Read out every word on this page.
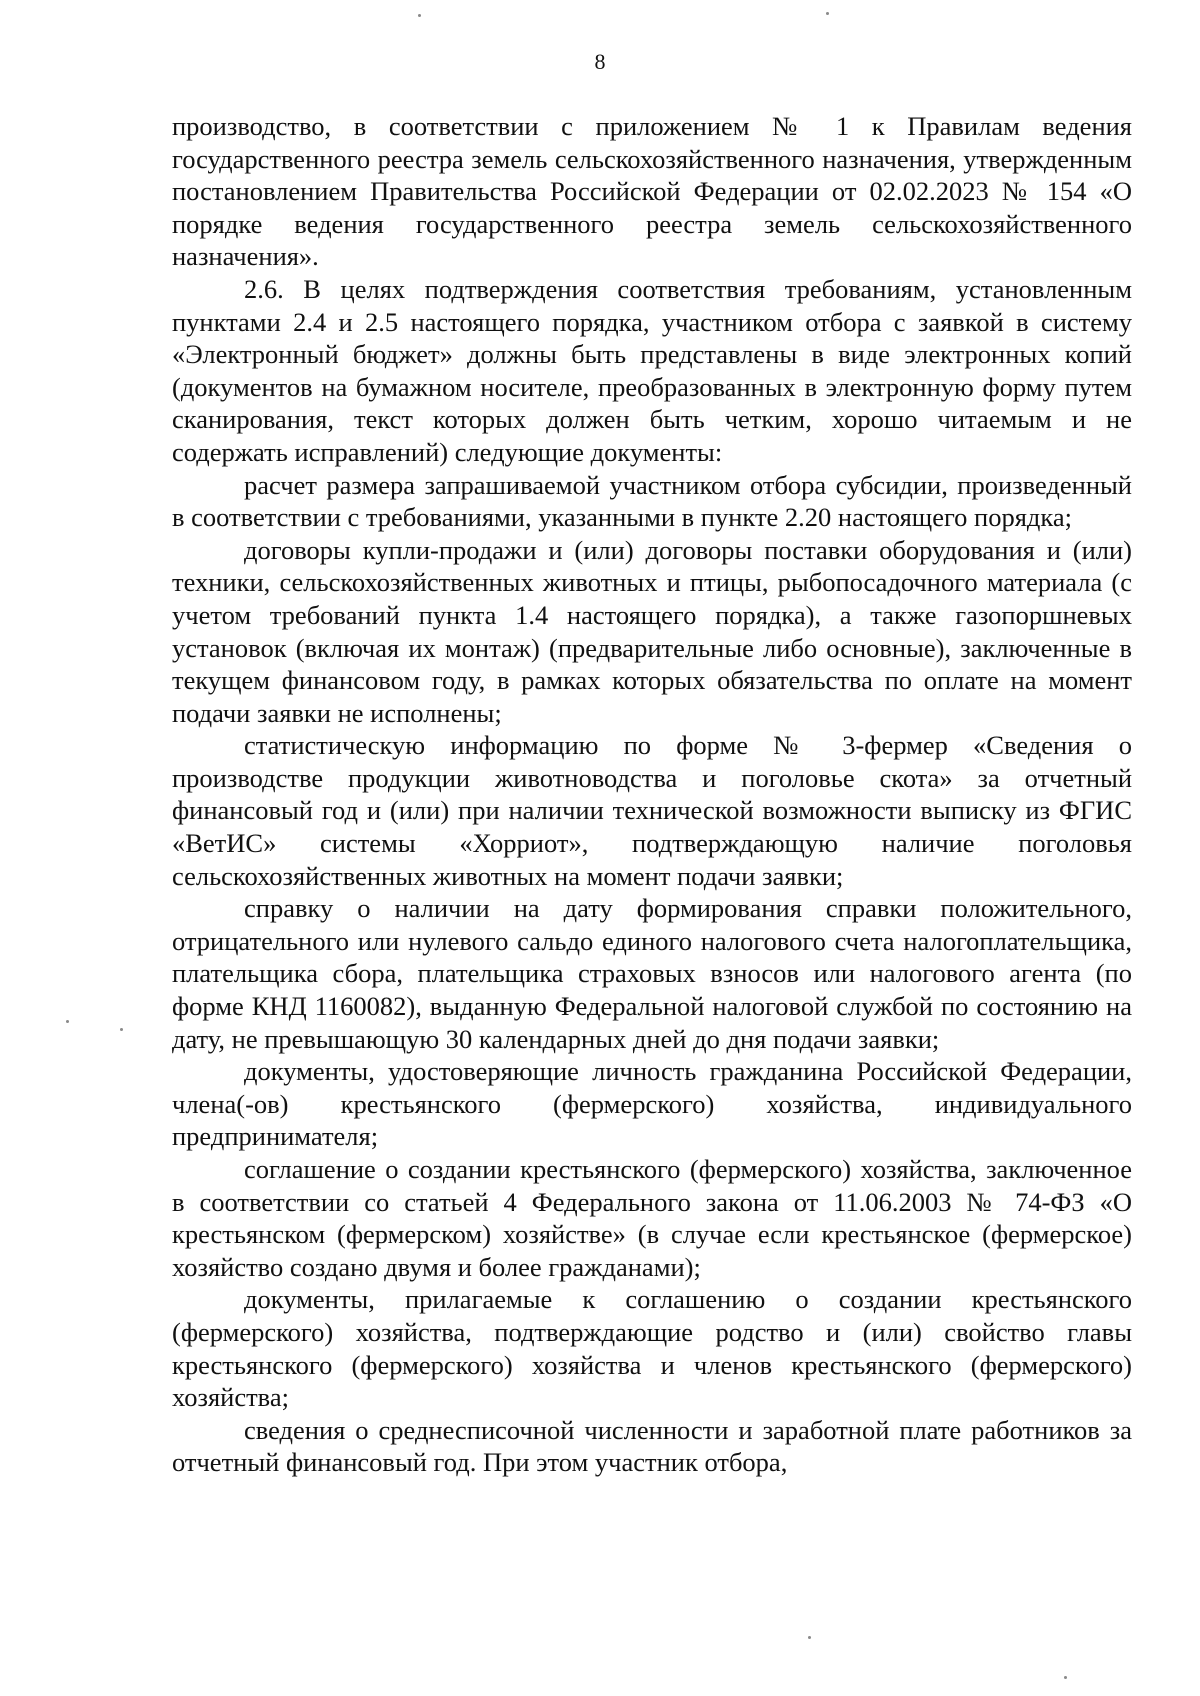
8

производство, в соответствии с приложением № 1 к Правилам ведения государственного реестра земель сельскохозяйственного назначения, утвержденным постановлением Правительства Российской Федерации от 02.02.2023 № 154 «О порядке ведения государственного реестра земель сельскохозяйственного назначения».

2.6. В целях подтверждения соответствия требованиям, установленным пунктами 2.4 и 2.5 настоящего порядка, участником отбора с заявкой в систему «Электронный бюджет» должны быть представлены в виде электронных копий (документов на бумажном носителе, преобразованных в электронную форму путем сканирования, текст которых должен быть четким, хорошо читаемым и не содержать исправлений) следующие документы:

расчет размера запрашиваемой участником отбора субсидии, произведенный в соответствии с требованиями, указанными в пункте 2.20 настоящего порядка;

договоры купли-продажи и (или) договоры поставки оборудования и (или) техники, сельскохозяйственных животных и птицы, рыбопосадочного материала (с учетом требований пункта 1.4 настоящего порядка), а также газопоршневых установок (включая их монтаж) (предварительные либо основные), заключенные в текущем финансовом году, в рамках которых обязательства по оплате на момент подачи заявки не исполнены;

статистическую информацию по форме № 3-фермер «Сведения о производстве продукции животноводства и поголовье скота» за отчетный финансовый год и (или) при наличии технической возможности выписку из ФГИС «ВетИС» системы «Хорриот», подтверждающую наличие поголовья сельскохозяйственных животных на момент подачи заявки;

справку о наличии на дату формирования справки положительного, отрицательного или нулевого сальдо единого налогового счета налогоплательщика, плательщика сбора, плательщика страховых взносов или налогового агента (по форме КНД 1160082), выданную Федеральной налоговой службой по состоянию на дату, не превышающую 30 календарных дней до дня подачи заявки;

документы, удостоверяющие личность гражданина Российской Федерации, члена(-ов) крестьянского (фермерского) хозяйства, индивидуального предпринимателя;

соглашение о создании крестьянского (фермерского) хозяйства, заключенное в соответствии со статьей 4 Федерального закона от 11.06.2003 № 74-ФЗ «О крестьянском (фермерском) хозяйстве» (в случае если крестьянское (фермерское) хозяйство создано двумя и более гражданами);

документы, прилагаемые к соглашению о создании крестьянского (фермерского) хозяйства, подтверждающие родство и (или) свойство главы крестьянского (фермерского) хозяйства и членов крестьянского (фермерского) хозяйства;

сведения о среднесписочной численности и заработной плате работников за отчетный финансовый год. При этом участник отбора,
